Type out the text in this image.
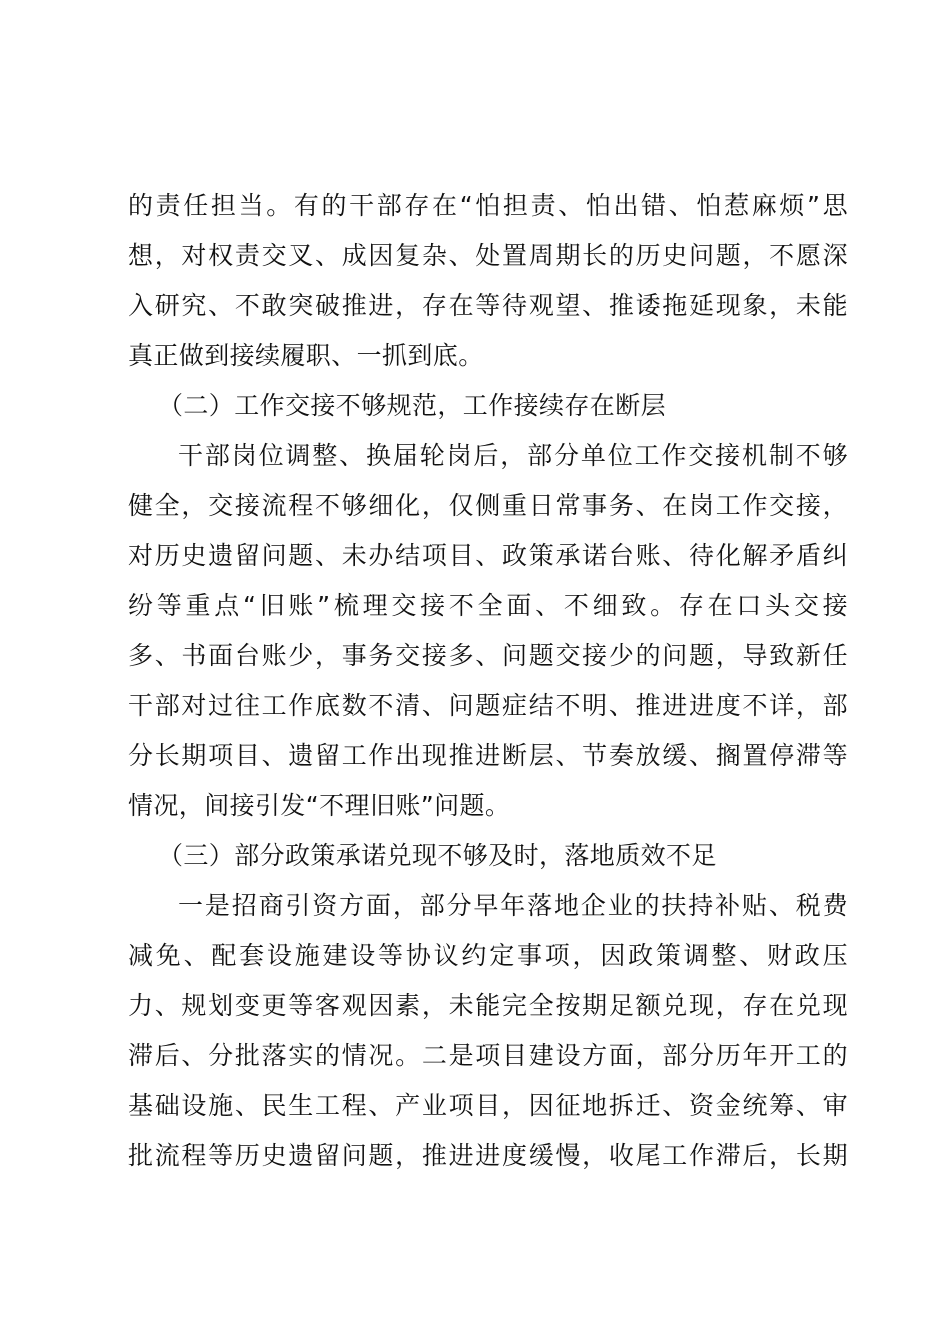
的责任担当。有的干部存在“怕担责、怕出错、怕惹麻烦”思
想，对权责交叉、成因复杂、处置周期长的历史问题，不愿深
入研究、不敢突破推进，存在等待观望、推诿拖延现象，未能
真正做到接续履职、一抓到底。
（二）工作交接不够规范，工作接续存在断层
干部岗位调整、换届轮岗后，部分单位工作交接机制不够
健全，交接流程不够细化，仅侧重日常事务、在岗工作交接，
对历史遗留问题、未办结项目、政策承诺台账、待化解矛盾纠
纷等重点“旧账”梳理交接不全面、不细致。存在口头交接
多、书面台账少，事务交接多、问题交接少的问题，导致新任
干部对过往工作底数不清、问题症结不明、推进进度不详，部
分长期项目、遗留工作出现推进断层、节奏放缓、搁置停滞等
情况，间接引发“不理旧账”问题。
（三）部分政策承诺兑现不够及时，落地质效不足
一是招商引资方面，部分早年落地企业的扶持补贴、税费
减免、配套设施建设等协议约定事项，因政策调整、财政压
力、规划变更等客观因素，未能完全按期足额兑现，存在兑现
滞后、分批落实的情况。二是项目建设方面，部分历年开工的
基础设施、民生工程、产业项目，因征地拆迁、资金统筹、审
批流程等历史遗留问题，推进进度缓慢，收尾工作滞后，长期
